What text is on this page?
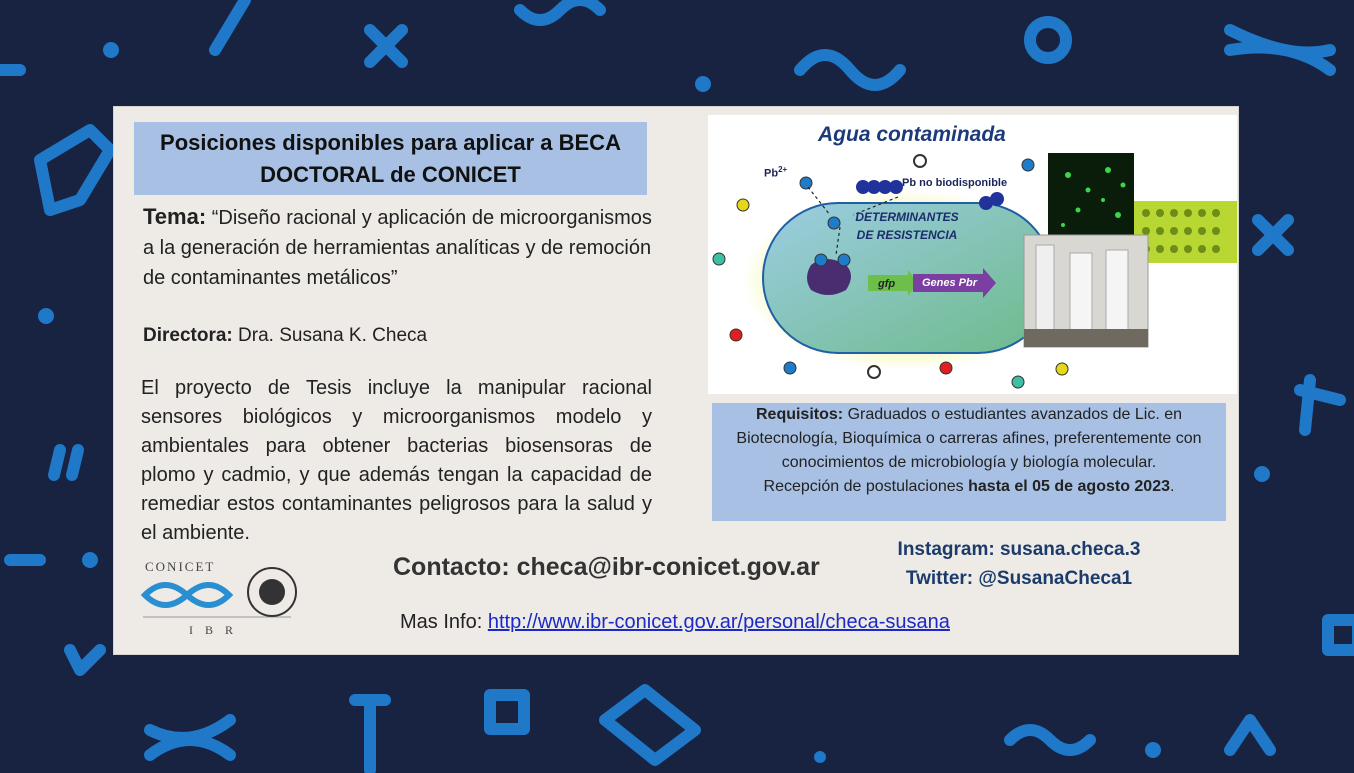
Posiciones disponibles para aplicar a BECA DOCTORAL de CONICET
Tema: “Diseño racional y aplicación de microorganismos a la generación de herramientas analíticas y de remoción de contaminantes metálicos”
Directora: Dra. Susana K. Checa
El proyecto de Tesis incluye la manipular racional sensores biológicos y microorganismos modelo y ambientales para obtener bacterias biosensoras de plomo y cadmio, y que además tengan la capacidad de remediar estos contaminantes peligrosos para la salud y el ambiente.
Agua contaminada
$Pb^{2+}$
Pb no biodisponible
DETERMINANTES
DE RESISTENCIA
gfp Genes Pbr
Requisitos: Graduados o estudiantes avanzados de Lic. en Biotecnología, Bioquímica o carreras afines, preferentemente con conocimientos de microbiología y biología molecular.
Recepción de postulaciones hasta el 05 de agosto 2023.
CONICET
IBR
Contacto: checa@ibr-conicet.gov.ar
Instagram: susana.checa.3
Twitter: @SusanaCheca1
Mas Info: http://www.ibr-conicet.gov.ar/personal/checa-susana
